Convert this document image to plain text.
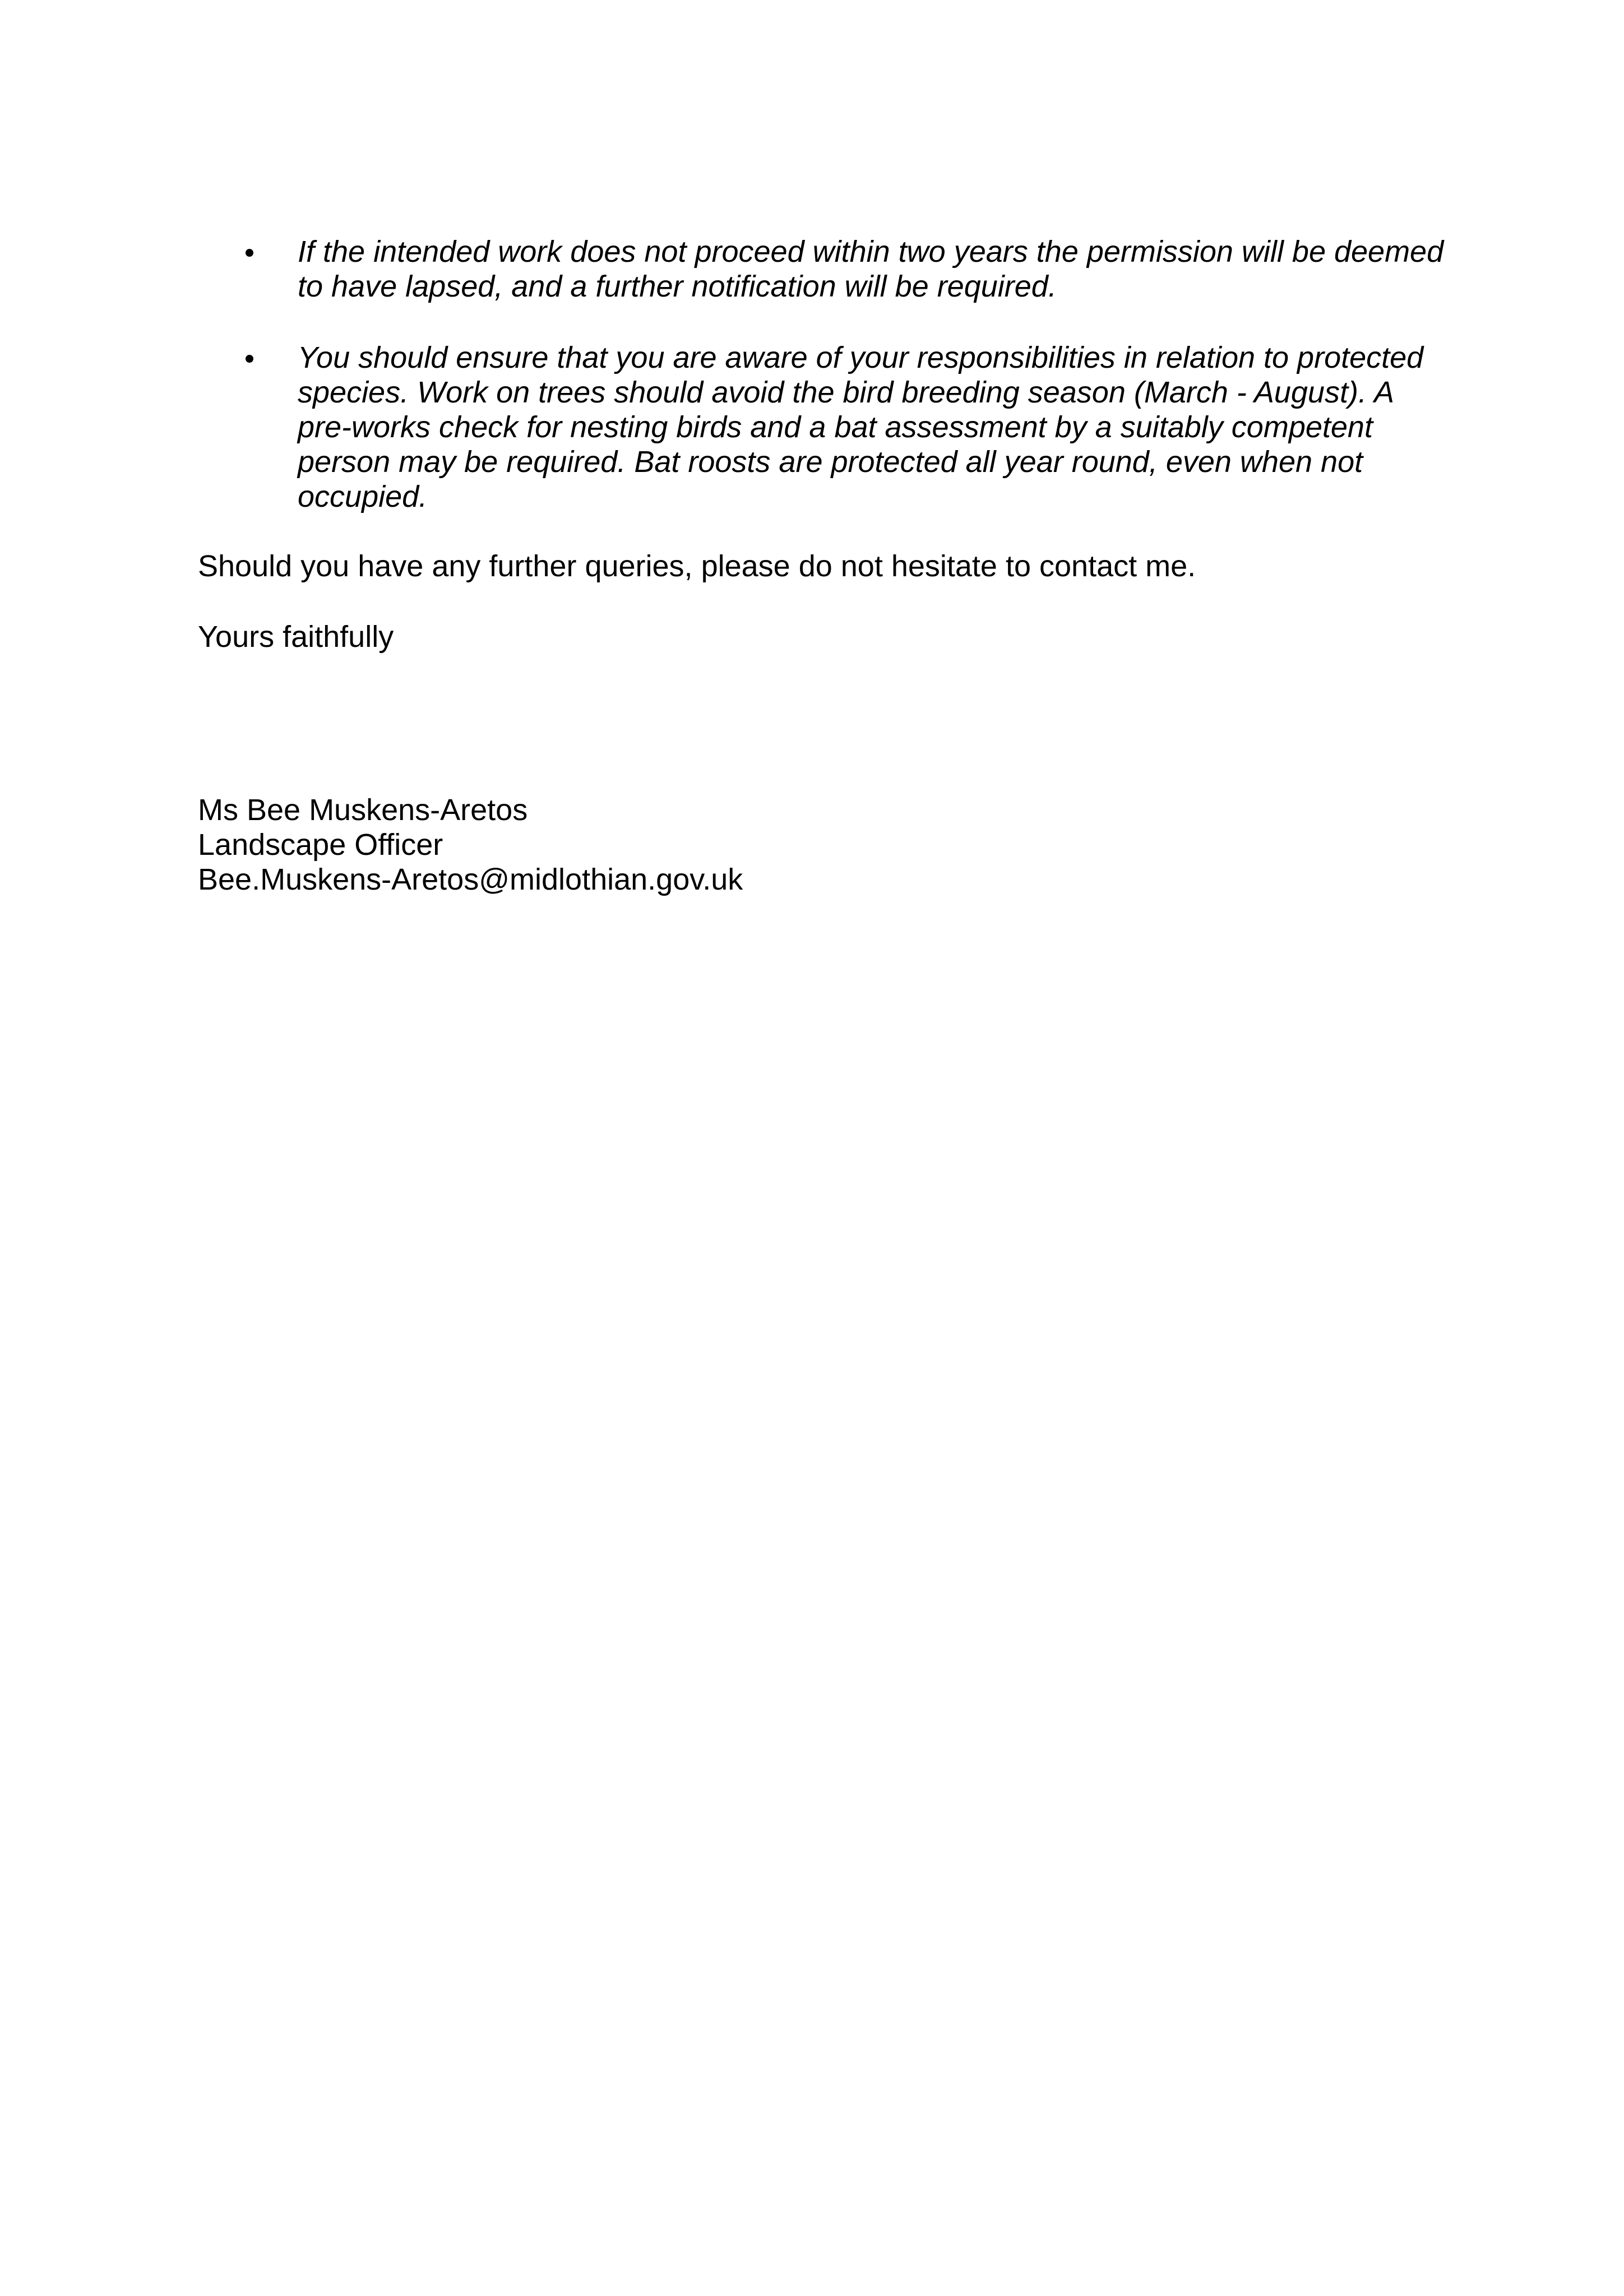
If the intended work does not proceed within two years the permission will be deemed to have lapsed, and a further notification will be required.
You should ensure that you are aware of your responsibilities in relation to protected species. Work on trees should avoid the bird breeding season (March - August). A pre-works check for nesting birds and a bat assessment by a suitably competent person may be required. Bat roosts are protected all year round, even when not occupied.

Should you have any further queries, please do not hesitate to contact me.

Yours faithfully

Ms Bee Muskens-Aretos
Landscape Officer
Bee.Muskens-Aretos@midlothian.gov.uk
